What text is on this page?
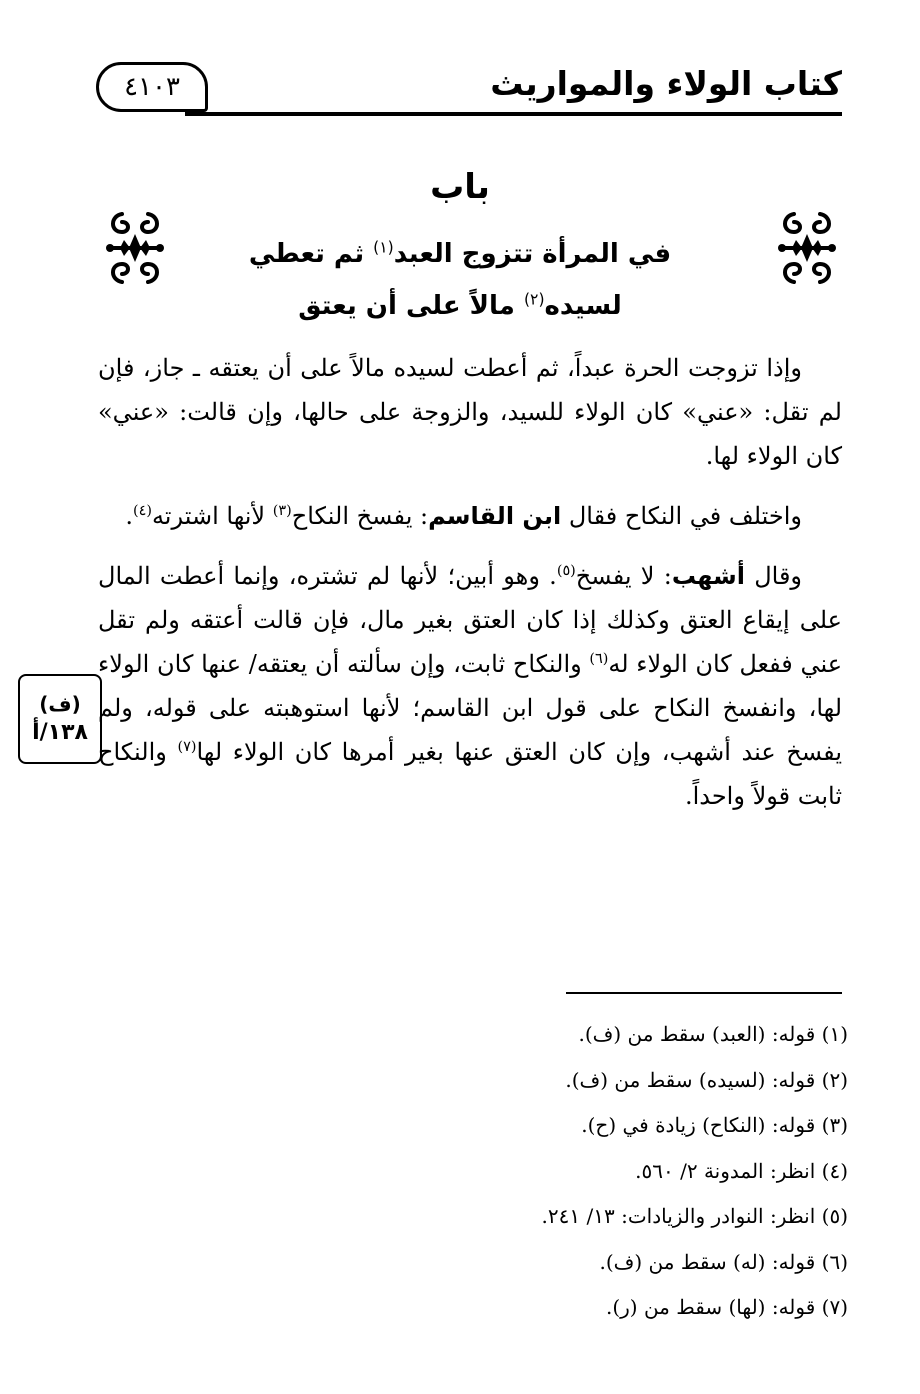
كتاب الولاء والمواريث
٤١٠٣
باب
في المرأة تتزوج العبد$^{(١)}$ ثم تعطي
لسيده$^{(٢)}$ مالاً على أن يعتق

وإذا تزوجت الحرة عبداً، ثم أعطت لسيده مالاً على أن يعتقه ـ جاز، فإن لم تقل: «عني» كان الولاء للسيد، والزوجة على حالها، وإن قالت: «عني» كان الولاء لها.

واختلف في النكاح فقال ابن القاسم: يفسخ النكاح$^{(٣)}$ لأنها اشترته$^{(٤)}$.

وقال أشهب: لا يفسخ$^{(٥)}$. وهو أبين؛ لأنها لم تشتره، وإنما أعطت المال على إيقاع العتق وكذلك إذا كان العتق بغير مال، فإن قالت أعتقه ولم تقل عني ففعل كان الولاء له$^{(٦)}$ والنكاح ثابت، وإن سألته أن يعتقه/ عنها كان الولاء لها، وانفسخ النكاح على قول ابن القاسم؛ لأنها استوهبته على قوله، ولم يفسخ عند أشهب، وإن كان العتق عنها بغير أمرها كان الولاء لها$^{(٧)}$ والنكاح ثابت قولاً واحداً.

(ف)
١٣٨/أ
(١) قوله: (العبد) سقط من (ف).
(٢) قوله: (لسيده) سقط من (ف).
(٣) قوله: (النكاح) زيادة في (ح).
(٤) انظر: المدونة ٢/ ٥٦٠.
(٥) انظر: النوادر والزيادات: ١٣/ ٢٤١.
(٦) قوله: (له) سقط من (ف).
(٧) قوله: (لها) سقط من (ر).
